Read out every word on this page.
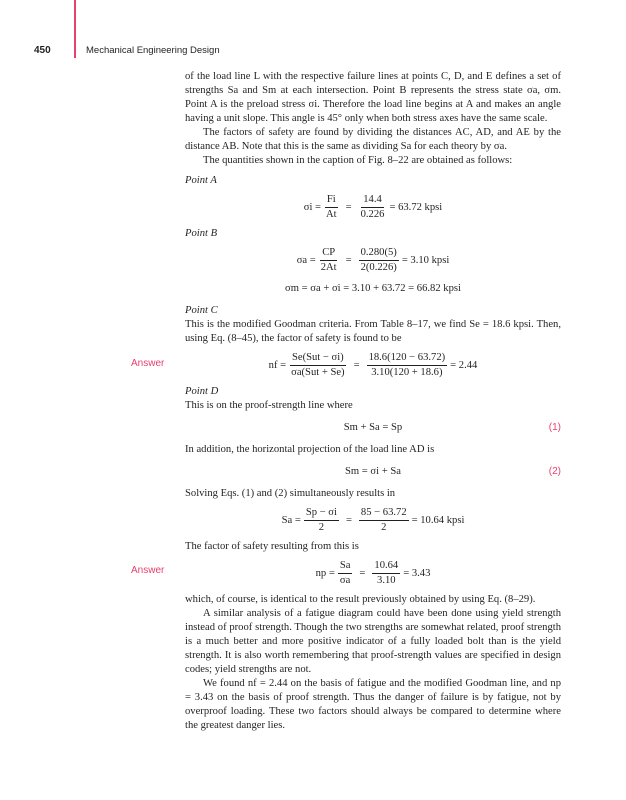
450	Mechanical Engineering Design
Answer
Answer

of the load line L with the respective failure lines at points C, D, and E defines a set of strengths Sa and Sm at each intersection. Point B represents the stress state σa, σm. Point A is the preload stress σi. Therefore the load line begins at A and makes an angle having a unit slope. This angle is 45° only when both stress axes have the same scale.

The factors of safety are found by dividing the distances AC, AD, and AE by the distance AB. Note that this is the same as dividing Sa for each theory by σa.

The quantities shown in the caption of Fig. 8–22 are obtained as follows:

Point A

$\sigma i = \frac{Fi}{At} = \frac{14.4}{0.226} = 63.72$ kpsi

Point B

$\sigma a = \frac{CP}{2At} = \frac{0.280(5)}{2(0.226)} = 3.10$ kpsi
σm = σa + σi = 3.10 + 63.72 = 66.82 kpsi

Point C

This is the modified Goodman criteria. From Table 8–17, we find Se = 18.6 kpsi. Then, using Eq. (8–45), the factor of safety is found to be

nf = $\frac{\text{Se(Sut − σi)}}{\text{σa(Sut + Se)}} = \frac{18.6(120 - 63.72)}{3.10(120 + 18.6)} = 2.44$

Point D

This is on the proof-strength line where

Sm + Sa = Sp	(1)

In addition, the horizontal projection of the load line AD is

Sm = σi + Sa	(2)

Solving Eqs. (1) and (2) simultaneously results in

$Sa = \frac{Sp - \sigma i}{2} = \frac{85 - 63.72}{2} = 10.64$ kpsi

The factor of safety resulting from this is

np = $\frac{Sa}{\sigma a} = \frac{10.64}{3.10} = 3.43$

which, of course, is identical to the result previously obtained by using Eq. (8–29).

A similar analysis of a fatigue diagram could have been done using yield strength instead of proof strength. Though the two strengths are somewhat related, proof strength is a much better and more positive indicator of a fully loaded bolt than is the yield strength. It is also worth remembering that proof-strength values are specified in design codes; yield strengths are not.

We found nf = 2.44 on the basis of fatigue and the modified Goodman line, and np = 3.43 on the basis of proof strength. Thus the danger of failure is by fatigue, not by overproof loading. These two factors should always be compared to determine where the greatest danger lies.
